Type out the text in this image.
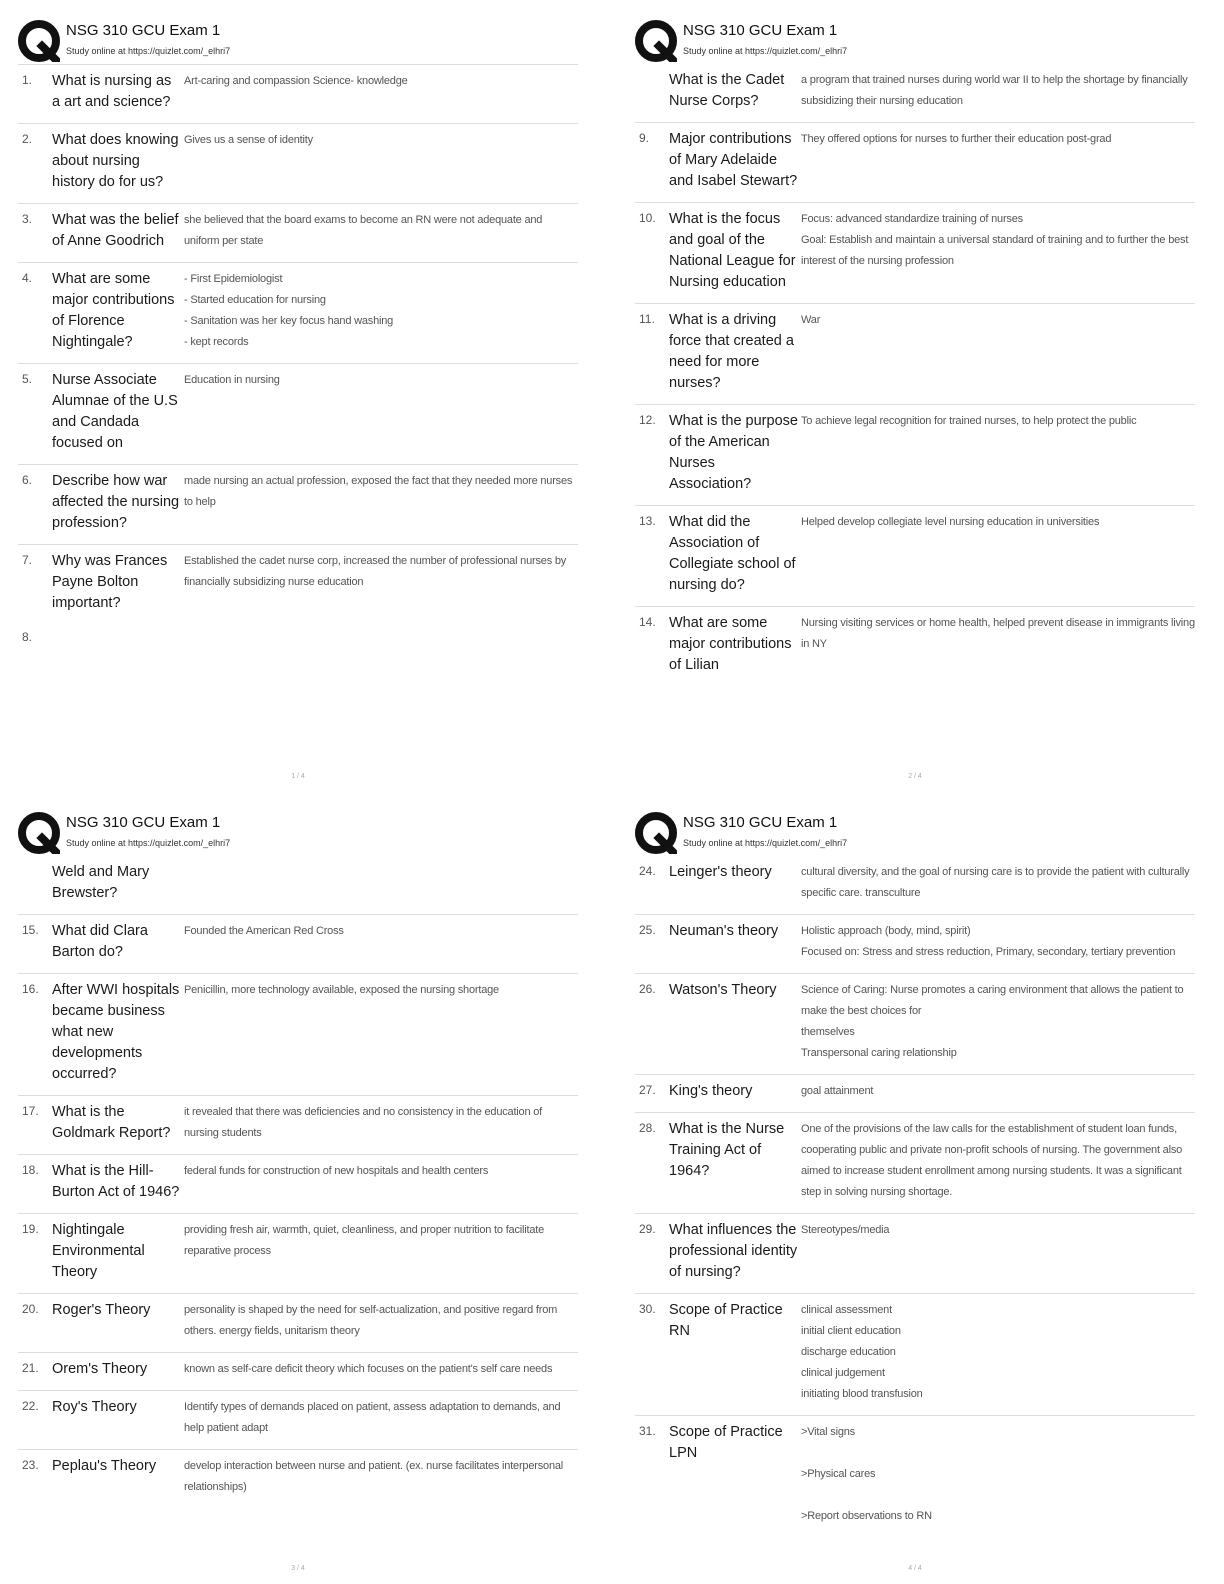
NSG 310 GCU Exam 1
Study online at https://quizlet.com/_elhri7
1.	What is nursing as a art and science?
Art-caring and compassion Science- knowledge
2.	What does knowing about nursing history do for us?
Gives us a sense of identity
3.	What was the belief of Anne Goodrich
she believed that the board exams to become an RN were not adequate and uniform per state
4.	What are some major contributions of Florence Nightingale?
- First Epidemiologist
- Started education for nursing
- Sanitation was her key focus hand washing
- kept records
5.	Nurse Associate Alumnae of the U.S and Candada focused on
Education in nursing
6.	Describe how war affected the nursing profession?
made nursing an actual profession, exposed the fact that they needed more nurses to help
7.	Why was Frances Payne Bolton important?
Established the cadet nurse corp, increased the number of professional nurses by financially subsidizing nurse education
8.
1 / 4
NSG 310 GCU Exam 1
Study online at https://quizlet.com/_elhri7
What is the Cadet Nurse Corps?
a program that trained nurses during world war II to help the shortage by financially subsidizing their nursing education
9.	Major contributions of Mary Adelaide and Isabel Stewart?
They offered options for nurses to further their education post-grad
10. What is the focus and goal of the National League for Nursing education
Focus: advanced standardize training of nurses
Goal: Establish and maintain a universal standard of training and to further the best interest of the nursing profession
11. What is a driving force that created a need for more nurses?
War
12. What is the purpose of the American Nurses Association?
To achieve legal recognition for trained nurses, to help protect the public
13. What did the Association of Collegiate school of nursing do?
Helped develop collegiate level nursing education in universities
14. What are some major contributions of Lilian
Nursing visiting services or home health, helped prevent disease in immigrants living in NY
2 / 4
NSG 310 GCU Exam 1
Study online at https://quizlet.com/_elhri7
Weld and Mary Brewster?
15. What did Clara Barton do?
Founded the American Red Cross
16. After WWI hospitals became business what new developments occurred?
Penicillin, more technology available, exposed the nursing shortage
17. What is the Goldmark Report?
it revealed that there was deficiencies and no consistency in the education of nursing students
18. What is the Hill-Burton Act of 1946?
federal funds for construction of new hospitals and health centers
19. Nightingale Environmental Theory
providing fresh air, warmth, quiet, cleanliness, and proper nutrition to facilitate reparative process
20. Roger's Theory	personality is shaped by the need for self-actualization, and positive regard from others. energy fields, unitarism theory
21. Orem's Theory	known as self-care deficit theory which focuses on the patient's self care needs
22. Roy's Theory	Identify types of demands placed on patient, assess adaptation to demands, and help patient adapt
23. Peplau's Theory	develop interaction between nurse and patient. (ex. nurse facilitates interpersonal relationships)
3 / 4
NSG 310 GCU Exam 1
Study online at https://quizlet.com/_elhri7
24. Leinger's theory	cultural diversity, and the goal of nursing care is to provide the patient with culturally specific care. transculture
25. Neuman's theory	Holistic approach (body, mind, spirit)
Focused on: Stress and stress reduction, Primary, secondary, tertiary prevention
26. Watson's Theory	Science of Caring: Nurse promotes a caring environment that allows the patient to make the best choices for
themselves
Transpersonal caring relationship
27. King's theory	goal attainment
28. What is the Nurse Training Act of 1964?
One of the provisions of the law calls for the establishment of student loan funds, cooperating public and private non-profit schools of nursing. The government also aimed to increase student enrollment among nursing students. It was a significant step in solving nursing shortage.
29. What influences the professional identity of nursing?
Stereotypes/media
30. Scope of Practice RN
clinical assessment
initial client education
discharge education
clinical judgement
initiating blood transfusion
31. Scope of Practice LPN
>Vital signs

>Physical cares

>Report observations to RN
4 / 4
